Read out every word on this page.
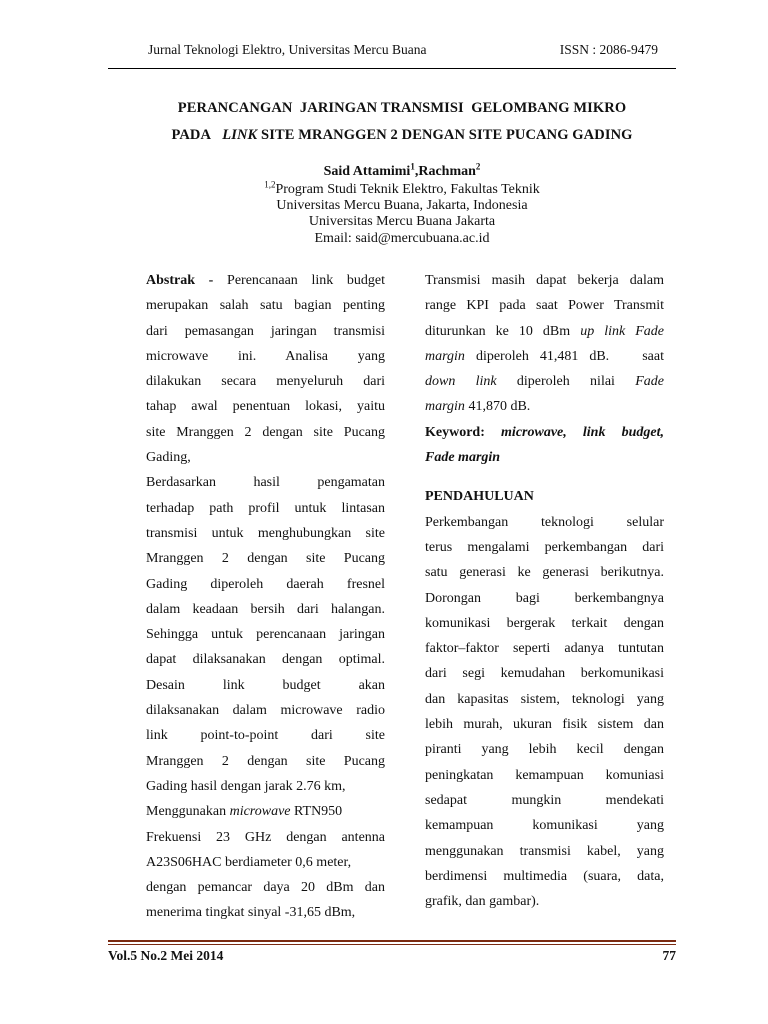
Jurnal Teknologi Elektro, Universitas Mercu Buana	ISSN : 2086-9479
PERANCANGAN  JARINGAN TRANSMISI  GELOMBANG MIKRO
PADA LINK SITE MRANGGEN 2 DENGAN SITE PUCANG GADING
Said Attamimi$^1$,Rachman$^2$
$^{1,2}$Program Studi Teknik Elektro, Fakultas Teknik
Universitas Mercu Buana, Jakarta, Indonesia
Universitas Mercu Buana Jakarta
Email: said@mercubuana.ac.id
Abstrak - Perencanaan link budget
merupakan salah satu bagian penting
dari pemasangan jaringan transmisi
microwave ini. Analisa yang
dilakukan secara menyeluruh dari
tahap awal penentuan lokasi, yaitu
site Mranggen 2 dengan site Pucang
Gading,
Berdasarkan hasil pengamatan
terhadap path profil untuk lintasan
transmisi untuk menghubungkan site
Mranggen 2 dengan site Pucang
Gading diperoleh daerah fresnel
dalam keadaan bersih dari halangan.
Sehingga untuk perencanaan jaringan
dapat dilaksanakan dengan optimal.
Desain link budget akan
dilaksanakan dalam microwave radio
link point-to-point dari site
Mranggen 2 dengan site Pucang
Gading hasil dengan jarak 2.76 km,
Menggunakan microwave RTN950
Frekuensi 23 GHz dengan antenna
A23S06HAC berdiameter 0,6 meter,
dengan pemancar daya 20 dBm dan
menerima tingkat sinyal -31,65 dBm,
Transmisi masih dapat bekerja dalam
range KPI pada saat Power Transmit
diturunkan ke 10 dBm up link Fade
margin diperoleh 41,481 dB.   saat
down link diperoleh nilai Fade
margin 41,870 dB.
Keyword: microwave, link budget,
Fade margin
PENDAHULUAN
Perkembangan teknologi selular
terus mengalami perkembangan dari
satu generasi ke generasi berikutnya.
Dorongan bagi berkembangnya
komunikasi bergerak terkait dengan
faktor–faktor seperti adanya tuntutan
dari segi kemudahan berkomunikasi
dan kapasitas sistem, teknologi yang
lebih murah, ukuran fisik sistem dan
piranti yang lebih kecil dengan
peningkatan kemampuan komuniasi
sedapat mungkin mendekati
kemampuan komunikasi yang
menggunakan transmisi kabel, yang
berdimensi multimedia (suara, data,
grafik, dan gambar).
Vol.5 No.2 Mei 2014	77
